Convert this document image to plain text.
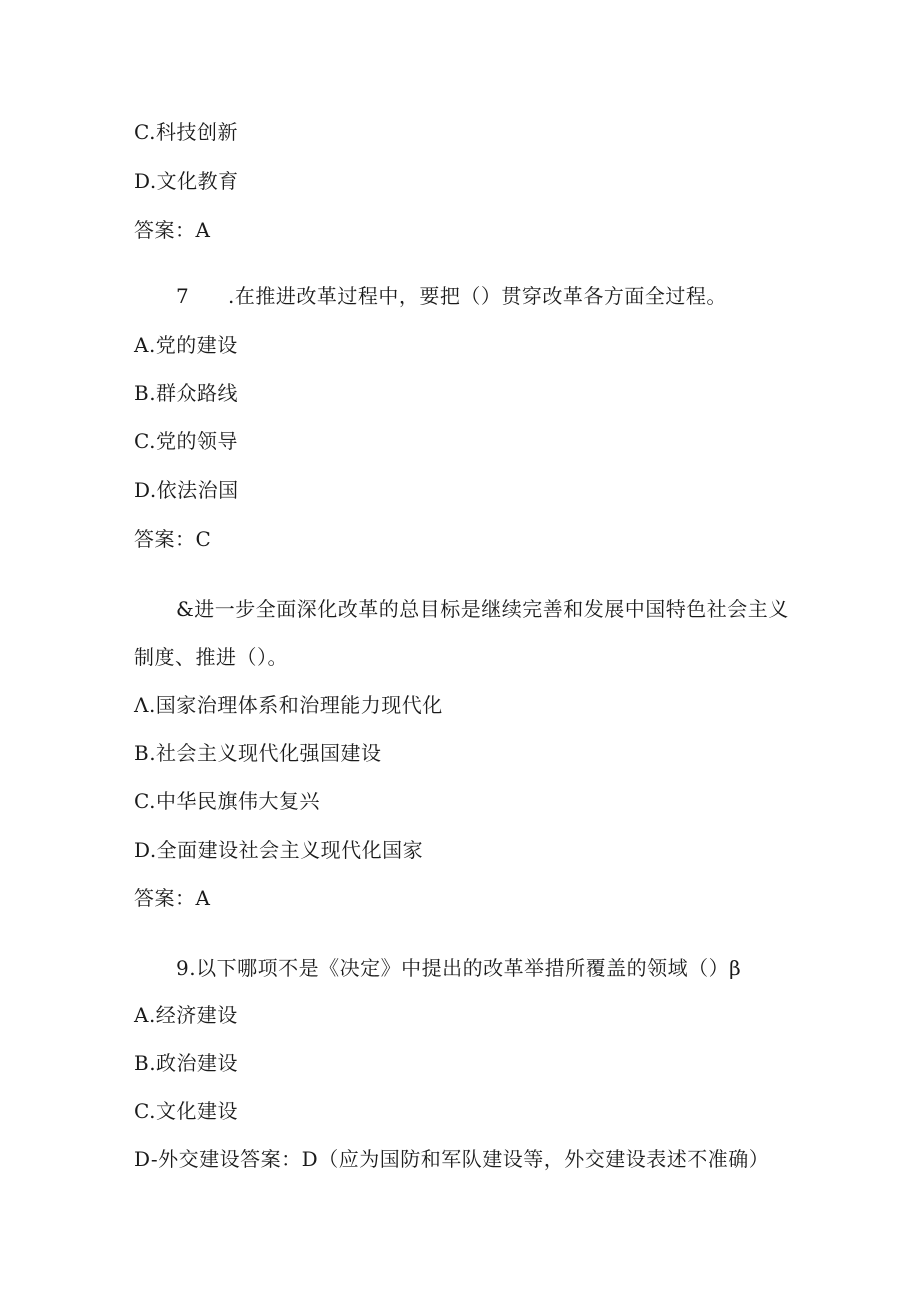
C.科技创新
D.文化教育
答案：A
7 .在推进改革过程中，要把（）贯穿改革各方面全过程。
A.党的建设
B.群众路线
C.党的领导
D.依法治国
答案：C
&进一步全面深化改革的总目标是继续完善和发展中国特色社会主义
制度、推进（）。
Λ.国家治理体系和治理能力现代化
B.社会主义现代化强国建设
C.中华民旗伟大复兴
D.全面建设社会主义现代化国家
答案：A
9.以下哪项不是《决定》中提出的改革举措所覆盖的领域（）β
A.经济建设
B.政治建设
C.文化建设
D-外交建设答案：D（应为国防和军队建设等，外交建设表述不准确）
